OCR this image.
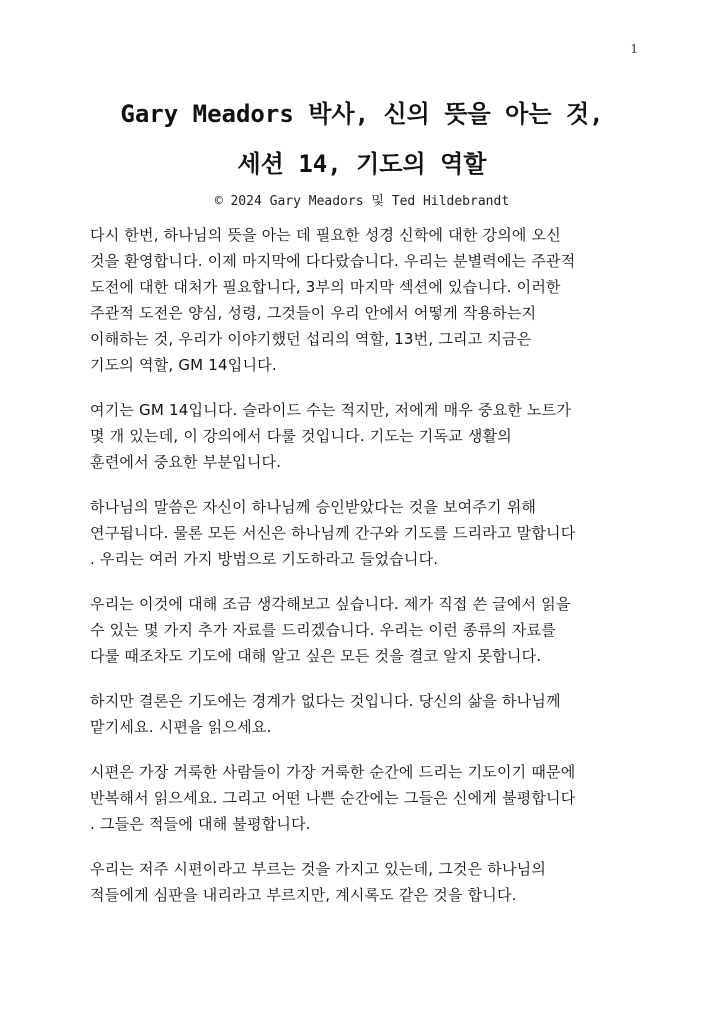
1
Gary Meadors 박사, 신의 뜻을 아는 것,
세션 14, 기도의 역할
© 2024 Gary Meadors 및 Ted Hildebrandt
다시 한번, 하나님의 뜻을 아는 데 필요한 성경 신학에 대한 강의에 오신
것을 환영합니다. 이제 마지막에 다다랐습니다. 우리는 분별력에는 주관적
도전에 대한 대처가 필요합니다, 3부의 마지막 섹션에 있습니다. 이러한
주관적 도전은 양심, 성령, 그것들이 우리 안에서 어떻게 작용하는지
이해하는 것, 우리가 이야기했던 섭리의 역할, 13번, 그리고 지금은
기도의 역할, GM 14입니다.
여기는 GM 14입니다. 슬라이드 수는 적지만, 저에게 매우 중요한 노트가
몇 개 있는데, 이 강의에서 다룰 것입니다. 기도는 기독교 생활의
훈련에서 중요한 부분입니다.
하나님의 말씀은 자신이 하나님께 승인받았다는 것을 보여주기 위해
연구됩니다. 물론 모든 서신은 하나님께 간구와 기도를 드리라고 말합니다
. 우리는 여러 가지 방법으로 기도하라고 들었습니다.
우리는 이것에 대해 조금 생각해보고 싶습니다. 제가 직접 쓴 글에서 읽을
수 있는 몇 가지 추가 자료를 드리겠습니다. 우리는 이런 종류의 자료를
다룰 때조차도 기도에 대해 알고 싶은 모든 것을 결코 알지 못합니다.
하지만 결론은 기도에는 경계가 없다는 것입니다. 당신의 삶을 하나님께
맡기세요. 시편을 읽으세요.
시편은 가장 거룩한 사람들이 가장 거룩한 순간에 드리는 기도이기 때문에
반복해서 읽으세요. 그리고 어떤 나쁜 순간에는 그들은 신에게 불평합니다
. 그들은 적들에 대해 불평합니다.
우리는 저주 시편이라고 부르는 것을 가지고 있는데, 그것은 하나님의
적들에게 심판을 내리라고 부르지만, 계시록도 같은 것을 합니다.
